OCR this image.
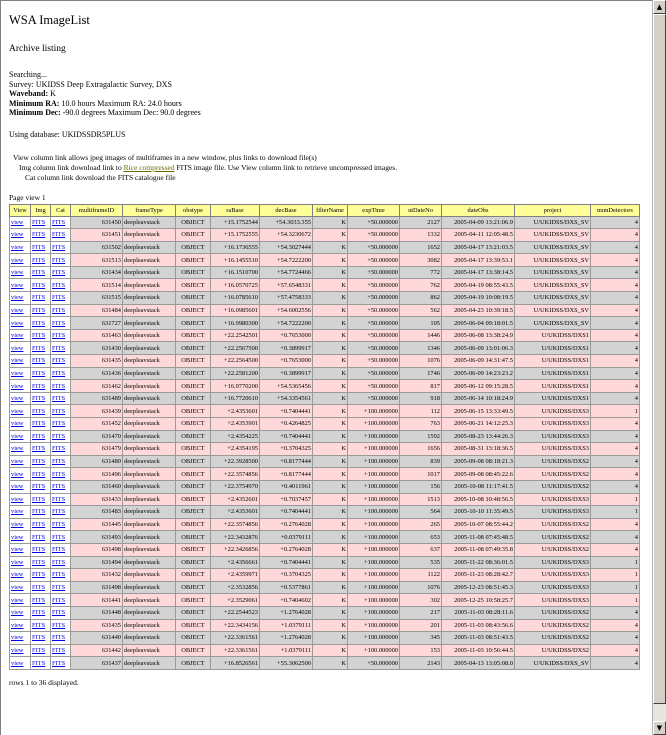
WSA ImageList
Archive listing
Searching...
Survey: UKIDSS Deep Extragalactic Survey, DXS
Waveband: K
Minimum RA: 10.0 hours Maximum RA: 24.0 hours
Minimum Dec: -90.0 degrees Maximum Dec: 90.0 degrees
Using database: UKIDSSDR5PLUS
View column link allows jpeg images of multiframes in a new window, plus links to download file(s)
Img column link download link to Rice compressed FITS image file. Use View column link to retrieve uncompressed images.
Cat column link download the FITS catalogue file
Page view 1
View	Img	Cat	multiframeID	frameType	obstype	raBase	decBase	filterName	expTime	utDateNo	dateObs	project	numDetectors
view	FITS	FITS	631450	deepleavstack	OBJECT	+15.1752544	+54.3033.355	K	+50.000000	2127	2005-04-09 13:21:06.9	U/UKIDSS/DXS_SV	4
view	FITS	FITS	631451	deepleavstack	OBJECT	+15.1752555	+54.3230672	K	+50.000000	1332	2005-04-11 12:05:48.5	U/UKIDSS/DXS_SV	4
view	FITS	FITS	631502	deepleavstack	OBJECT	+16.1736555	+54.3027444	K	+50.000000	1652	2005-04-17 13:21:03.5	U/UKIDSS/DXS_SV	4
view	FITS	FITS	631513	deepleavstack	OBJECT	+16.1455510	+54.7222200	K	+50.000000	3082	2005-04-17 13:39:53.1	U/UKIDSS/DXS_SV	4
view	FITS	FITS	631434	deepleavstack	OBJECT	+16.1510700	+54.7724466	K	+50.000000	772	2005-04-17 13:38:14.5	U/UKIDSS/DXS_SV	4
view	FITS	FITS	631514	deepleavstack	OBJECT	+16.0570725	+57.6548331	K	+50.000000	762	2005-04-19 08:55:43.5	U/UKIDSS/DXS_SV	4
view	FITS	FITS	631515	deepleavstack	OBJECT	+16.0785610	+57.4758333	K	+50.000000	862	2005-04-19 10:08:19.5	U/UKIDSS/DXS_SV	4
view	FITS	FITS	631484	deepleavstack	OBJECT	+16.0985601	+54.6002556	K	+50.000000	562	2005-04-23 10:39:18.5	U/UKIDSS/DXS_SV	4
view	FITS	FITS	631727	deepleavstack	OBJECT	+16.9980300	+54.7222200	K	+50.000000	105	2005-06-04 09:18:01.5	U/UKIDSS/DXS_SV	4
view	FITS	FITS	631463	deepleavstack	OBJECT	+22.2542501	+0.7653000	K	+50.000000	1446	2005-06-08 13:38:24.9	U/UKIDSS/DXS1	4
view	FITS	FITS	631430	deepleavstack	OBJECT	+22.2567500	+0.3899917	K	+50.000000	1346	2005-06-09 13:01:06.3	U/UKIDSS/DXS1	4
view	FITS	FITS	631435	deepleavstack	OBJECT	+22.2564500	+0.7653000	K	+50.000000	1076	2005-06-09 14:31:47.5	U/UKIDSS/DXS1	4
view	FITS	FITS	631436	deepleavstack	OBJECT	+22.2581200	+0.3899917	K	+50.000000	1746	2005-06-09 14:23:23.2	U/UKIDSS/DXS1	4
view	FITS	FITS	631462	deepleavstack	OBJECT	+16.9770200	+54.5365456	K	+50.000000	817	2005-06-12 09:15:28.5	U/UKIDSS/DXS1	4
view	FITS	FITS	631489	deepleavstack	OBJECT	+16.7720610	+54.3354561	K	+50.000000	918	2005-06-14 10:18:24.9	U/UKIDSS/DXS1	4
view	FITS	FITS	631439	deepleavstack	OBJECT	+2.4353601	+0.7404441	K	+100.000000	112	2005-06-15 13:33:49.5	U/UKIDSS/DXS3	1
view	FITS	FITS	631452	deepleavstack	OBJECT	+2.4353901	+0.4264825	K	+100.000000	763	2005-06-21 14:12:25.3	U/UKIDSS/DXS3	4
view	FITS	FITS	631470	deepleavstack	OBJECT	+2.4354225	+0.7404441	K	+100.000000	1592	2005-08-23 13:44:26.3	U/UKIDSS/DXS3	4
view	FITS	FITS	631479	deepleavstack	OBJECT	+2.4354195	+0.3704325	K	+100.000000	1656	2005-08-31 13:18:36.5	U/UKIDSS/DXS3	4
view	FITS	FITS	631480	deepleavstack	OBJECT	+22.3928500	+0.8177444	K	+100.000000	839	2005-09-08 08:18:21.3	U/UKIDSS/DXS2	4
view	FITS	FITS	631496	deepleavstack	OBJECT	+22.3574856	+0.8177444	K	+100.000000	1017	2005-09-08 08:45:22.6	U/UKIDSS/DXS2	4
view	FITS	FITS	631460	deepleavstack	OBJECT	+22.3754970	+0.4011961	K	+100.000000	156	2005-10-08 11:17:41.5	U/UKIDSS/DXS2	4
view	FITS	FITS	631433	deepleavstack	OBJECT	+2.4352601	+0.7037457	K	+100.000000	1513	2005-10-08 10:48:56.5	U/UKIDSS/DXS3	1
view	FITS	FITS	631483	deepleavstack	OBJECT	+2.4353601	+0.7404441	K	+100.000000	564	2005-10-10 11:35:49.5	U/UKIDSS/DXS3	1
view	FITS	FITS	631445	deepleavstack	OBJECT	+22.3574856	+0.2764028	K	+100.000000	265	2005-10-07 08:55:44.2	U/UKIDSS/DXS2	4
view	FITS	FITS	631493	deepleavstack	OBJECT	+22.3432876	+0.0379111	K	+100.000000	653	2005-11-08 07:45:48.5	U/UKIDSS/DXS2	4
view	FITS	FITS	631498	deepleavstack	OBJECT	+22.3426856	+0.2764028	K	+100.000000	637	2005-11-08 07:49:35.8	U/UKIDSS/DXS2	4
view	FITS	FITS	631494	deepleavstack	OBJECT	+2.4356661	+0.7404441	K	+100.000000	535	2005-11-22 08:36:01.5	U/UKIDSS/DXS3	1
view	FITS	FITS	631432	deepleavstack	OBJECT	+2.4359971	+0.3704325	K	+100.000000	1122	2005-11-23 08:28:42.7	U/UKIDSS/DXS3	1
view	FITS	FITS	631498	deepleavstack	OBJECT	+2.3532856	+0.5377861	K	+100.000000	1076	2005-12-23 08:51:45.3	U/UKIDSS/DXS3	1
view	FITS	FITS	631441	deepleavstack	OBJECT	+2.3529061	+0.7404602	K	+100.000000	302	2005-12-25 10:58:25.7	U/UKIDSS/DXS3	1
view	FITS	FITS	631448	deepleavstack	OBJECT	+22.2544523	+1.2764028	K	+100.000000	217	2005-11-03 08:28:11.6	U/UKIDSS/DXS2	4
view	FITS	FITS	631435	deepleavstack	OBJECT	+22.3434156	+1.0379111	K	+100.000000	201	2005-11-03 08:43:56.6	U/UKIDSS/DXS2	4
view	FITS	FITS	631440	deepleavstack	OBJECT	+22.3361561	+1.2764028	K	+100.000000	345	2005-11-03 08:51:43.5	U/UKIDSS/DXS2	4
view	FITS	FITS	631442	deepleavstack	OBJECT	+22.3361561	+1.0379111	K	+100.000000	153	2005-11-03 10:56:44.5	U/UKIDSS/DXS2	4
view	FITS	FITS	631437	deepleavstack	OBJECT	+16.8526561	+55.3062500	K	+50.000000	2143	2005-04-13 13:05:08.0	U/UKIDSS/DXS_SV	4
rows 1 to 36 displayed.
▲
▼
